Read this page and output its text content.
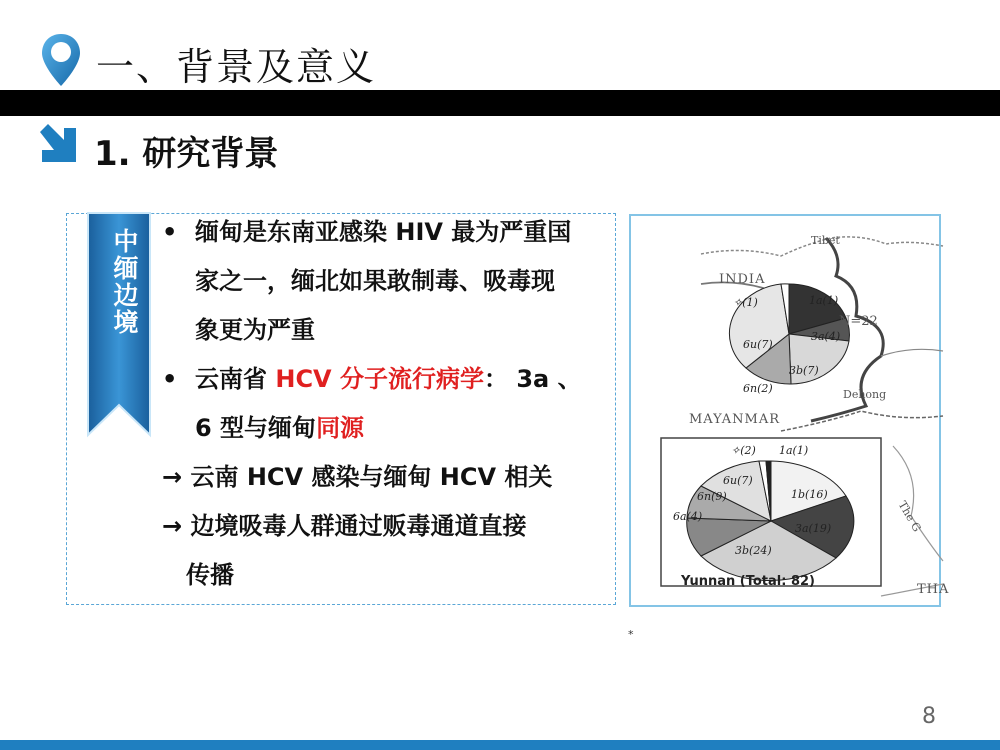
一、背景及意义
1. 研究背景
中缅边境 • 缅甸是东南亚感染 HIV 最为严重国
家之一，缅北如果敢制毒、吸毒现
象更为严重
• 云南省 HCV 分子流行病学： 3a 、
6 型与缅甸同源
→ 云南 HCV 感染与缅甸 HCV 相关
→ 边境吸毒人群通过贩毒通道直接
传播
Tibet
INDIA
MAYANMAR
Dehong
The G
THA
✧(1)	1a(1)
3a(4)
3b(7)
6n(2)
6u(7)
N=22
✧(2) 1a(1)
1b(16)
3a(19)
3b(24)
6a(4)
6n(9)
6u(7)
Yunnan (Total: 82)
*
8
